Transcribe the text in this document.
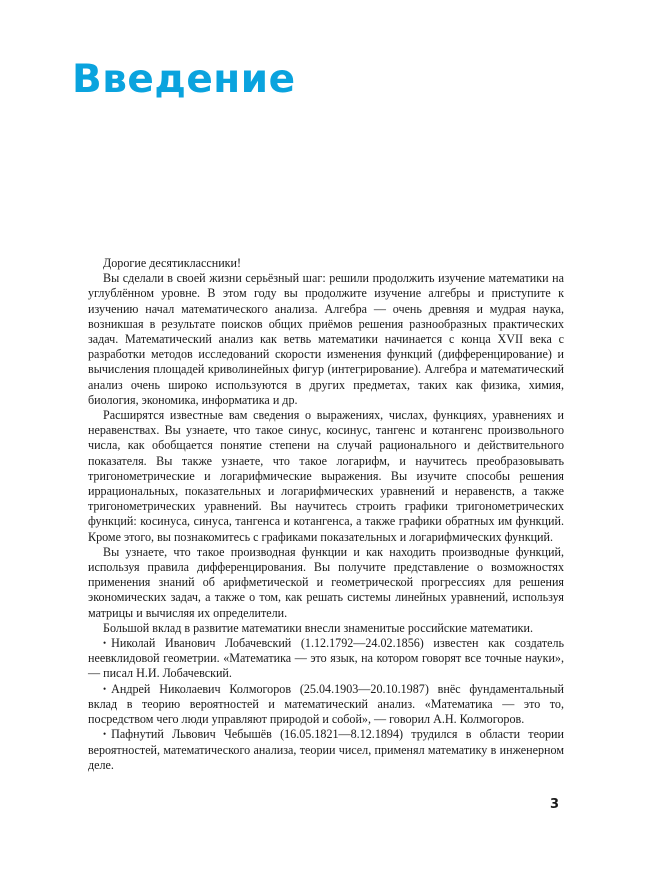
Введение

Дорогие десятиклассники!

Вы сделали в своей жизни серьёзный шаг: решили продолжить изучение математики на углублённом уровне. В этом году вы продолжите изучение алгебры и приступите к изучению начал математического анализа. Алгебра — очень древняя и мудрая наука, возникшая в результате поисков общих приёмов решения разнообразных практических задач. Математический анализ как ветвь математики начинается с конца XVII века с разработки методов исследований скорости изменения функций (дифференцирование) и вычисления площадей криволинейных фигур (интегрирование). Алгебра и математический анализ очень широко используются в других предметах, таких как физика, химия, биология, экономика, информатика и др.

Расширятся известные вам сведения о выражениях, числах, функциях, уравнениях и неравенствах. Вы узнаете, что такое синус, косинус, тангенс и котангенс произвольного числа, как обобщается понятие степени на случай рационального и действительного показателя. Вы также узнаете, что такое логарифм, и научитесь преобразовывать тригонометрические и логарифмические выражения. Вы изучите способы решения иррациональных, показательных и логарифмических уравнений и неравенств, а также тригонометрических уравнений. Вы научитесь строить графики тригонометрических функций: косинуса, синуса, тангенса и котангенса, а также графики обратных им функций. Кроме этого, вы познакомитесь с графиками показательных и логарифмических функций.

Вы узнаете, что такое производная функции и как находить производные функций, используя правила дифференцирования. Вы получите представление о возможностях применения знаний об арифметической и геометрической прогрессиях для решения экономических задач, а также о том, как решать системы линейных уравнений, используя матрицы и вычисляя их определители.

Большой вклад в развитие математики внесли знаменитые российские математики.

• Николай Иванович Лобачевский (1.12.1792—24.02.1856) известен как создатель неевклидовой геометрии. «Математика — это язык, на котором говорят все точные науки», — писал Н.И. Лобачевский.

• Андрей Николаевич Колмогоров (25.04.1903—20.10.1987) внёс фундаментальный вклад в теорию вероятностей и математический анализ. «Математика — это то, посредством чего люди управляют природой и собой», — говорил А.Н. Колмогоров.

• Пафнутий Львович Чебышёв (16.05.1821—8.12.1894) трудился в области теории вероятностей, математического анализа, теории чисел, применял математику в инженерном деле.

3
